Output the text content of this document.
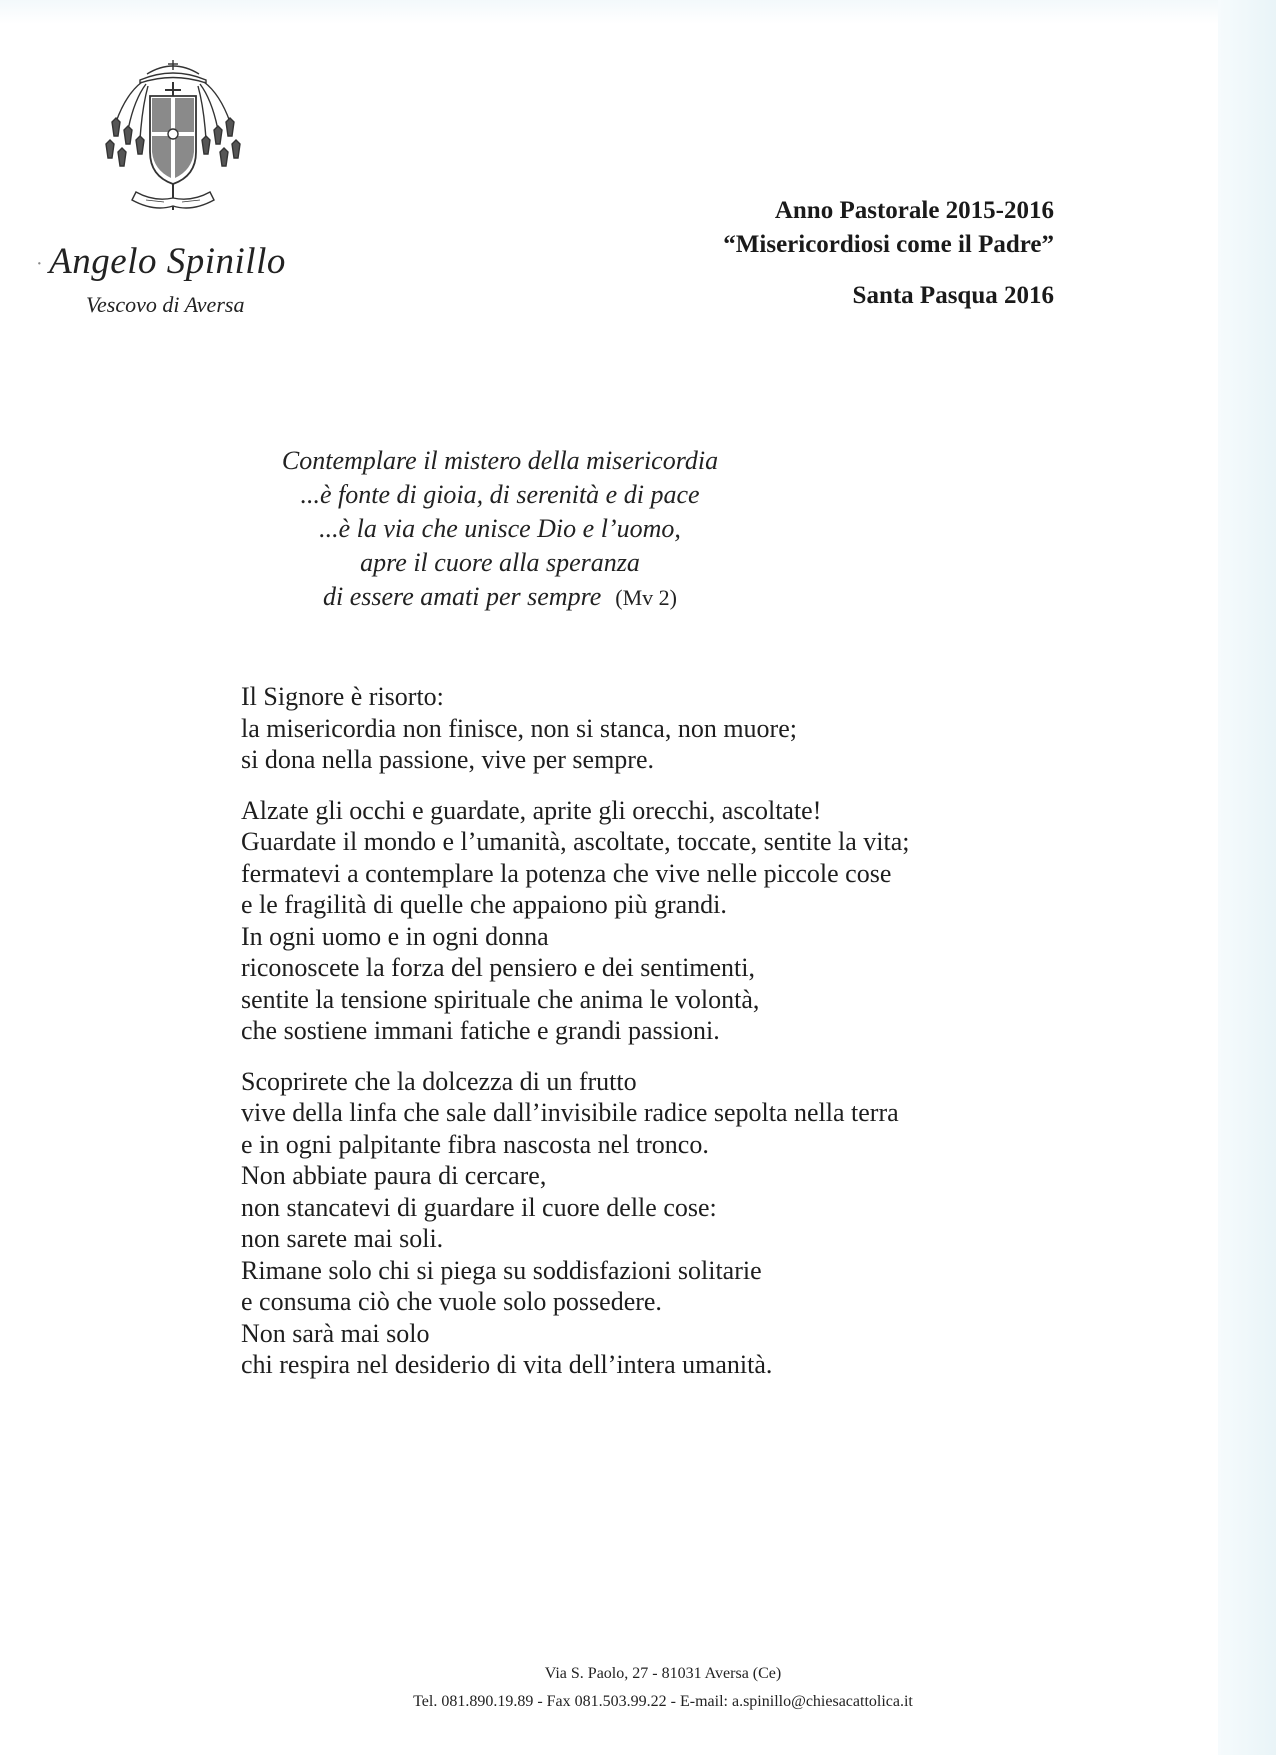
· Angelo Spinillo
Vescovo di Aversa
Anno Pastorale 2015-2016
“Misericordiosi come il Padre”
Santa Pasqua 2016
Contemplare il mistero della misericordia
...è fonte di gioia, di serenità e di pace
...è la via che unisce Dio e l’uomo,
apre il cuore alla speranza
di essere amati per sempre (Mv 2)
Il Signore è risorto:
la misericordia non finisce, non si stanca, non muore;
si dona nella passione, vive per sempre.
Alzate gli occhi e guardate, aprite gli orecchi, ascoltate!
Guardate il mondo e l’umanità, ascoltate, toccate, sentite la vita;
fermatevi a contemplare la potenza che vive nelle piccole cose
e le fragilità di quelle che appaiono più grandi.
In ogni uomo e in ogni donna
riconoscete la forza del pensiero e dei sentimenti,
sentite la tensione spirituale che anima le volontà,
che sostiene immani fatiche e grandi passioni.
Scoprirete che la dolcezza di un frutto
vive della linfa che sale dall’invisibile radice sepolta nella terra
e in ogni palpitante fibra nascosta nel tronco.
Non abbiate paura di cercare,
non stancatevi di guardare il cuore delle cose:
non sarete mai soli.
Rimane solo chi si piega su soddisfazioni solitarie
e consuma ciò che vuole solo possedere.
Non sarà mai solo
chi respira nel desiderio di vita dell’intera umanità.
Via S. Paolo, 27 - 81031 Aversa (Ce)
Tel. 081.890.19.89 - Fax 081.503.99.22 - E-mail: a.spinillo@chiesacattolica.it
